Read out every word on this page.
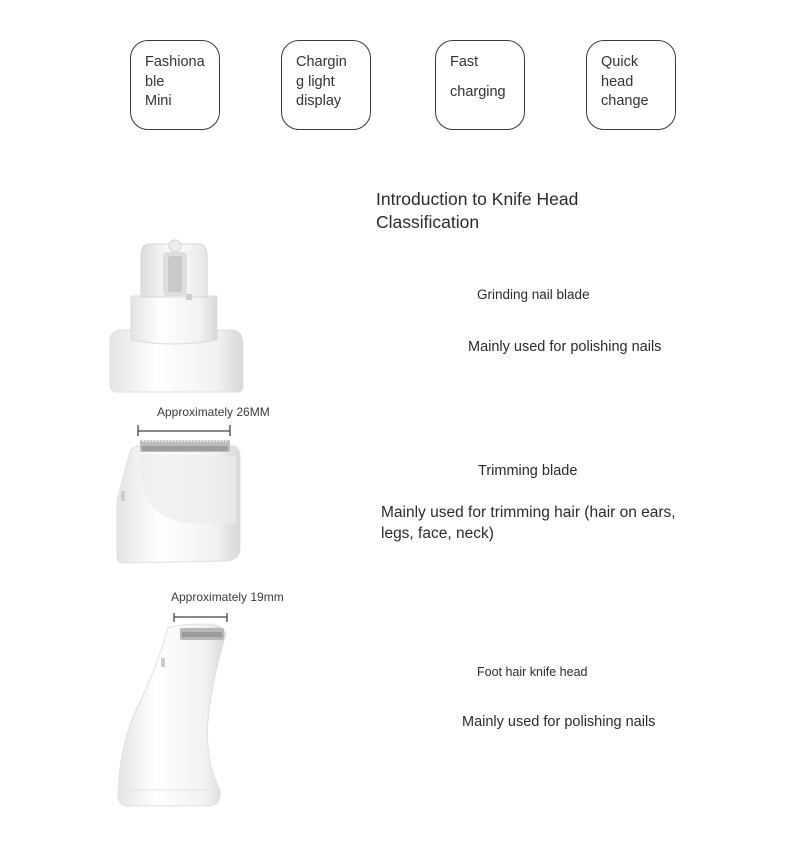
Fashiona
ble
Mini
Chargin
g light
display
Fast
charging
Quick
head
change
Introduction to Knife Head Classification
Approximately 26MM
Approximately 19mm
Grinding nail blade
Mainly used for polishing nails
Trimming blade
Mainly used for trimming hair (hair on ears, legs, face, neck)
Foot hair knife head
Mainly used for polishing nails
